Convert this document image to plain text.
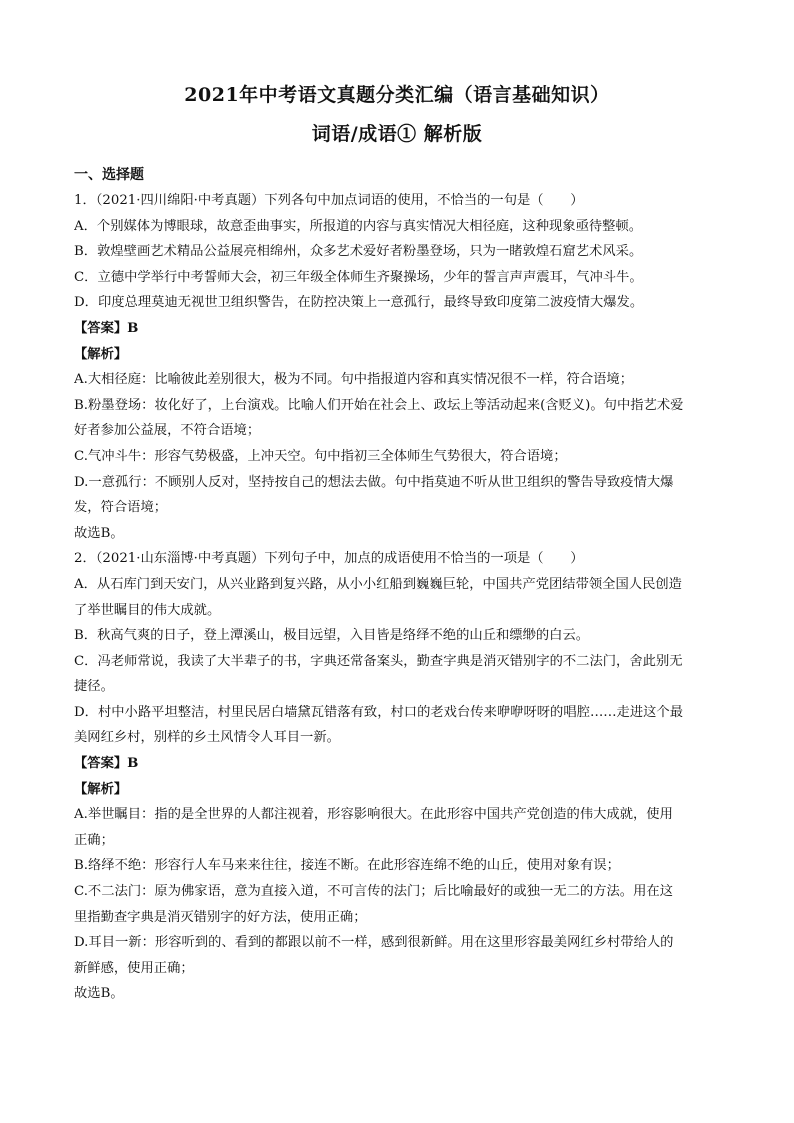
2021年中考语文真题分类汇编（语言基础知识）
词语/成语① 解析版
一、选择题
1．（2021·四川绵阳·中考真题）下列各句中加点词语的使用，不恰当的一句是（　　）
A．个别媒体为博眼球，故意歪曲事实，所报道的内容与真实情况大相径庭，这种现象亟待整顿。
B．敦煌壁画艺术精品公益展亮相绵州，众多艺术爱好者粉墨登场，只为一睹敦煌石窟艺术风采。
C．立德中学举行中考誓师大会，初三年级全体师生齐聚操场，少年的誓言声声震耳，气冲斗牛。
D．印度总理莫迪无视世卫组织警告，在防控决策上一意孤行，最终导致印度第二波疫情大爆发。
【答案】B
【解析】
A.大相径庭：比喻彼此差别很大，极为不同。句中指报道内容和真实情况很不一样，符合语境；
B.粉墨登场：妆化好了，上台演戏。比喻人们开始在社会上、政坛上等活动起来(含贬义)。句中指艺术爱
好者参加公益展，不符合语境；
C.气冲斗牛：形容气势极盛，上冲天空。句中指初三全体师生气势很大，符合语境；
D.一意孤行：不顾别人反对，坚持按自己的想法去做。句中指莫迪不听从世卫组织的警告导致疫情大爆
发，符合语境；
故选B。
2．（2021·山东淄博·中考真题）下列句子中，加点的成语使用不恰当的一项是（　　）
A．从石库门到天安门，从兴业路到复兴路，从小小红船到巍巍巨轮，中国共产党团结带领全国人民创造
了举世瞩目的伟大成就。
B．秋高气爽的日子，登上潭溪山，极目远望，入目皆是络绎不绝的山丘和缥缈的白云。
C．冯老师常说，我读了大半辈子的书，字典还常备案头，勤查字典是消灭错别字的不二法门，舍此别无
捷径。
D．村中小路平坦整洁，村里民居白墙黛瓦错落有致，村口的老戏台传来咿咿呀呀的唱腔……走进这个最
美网红乡村，别样的乡土风情令人耳目一新。
【答案】B
【解析】
A.举世瞩目：指的是全世界的人都注视着，形容影响很大。在此形容中国共产党创造的伟大成就，使用
正确；
B.络绎不绝：形容行人车马来来往往，接连不断。在此形容连绵不绝的山丘，使用对象有误；
C.不二法门：原为佛家语，意为直接入道，不可言传的法门；后比喻最好的或独一无二的方法。用在这
里指勤查字典是消灭错别字的好方法，使用正确；
D.耳目一新：形容听到的、看到的都跟以前不一样，感到很新鲜。用在这里形容最美网红乡村带给人的
新鲜感，使用正确；
故选B。
